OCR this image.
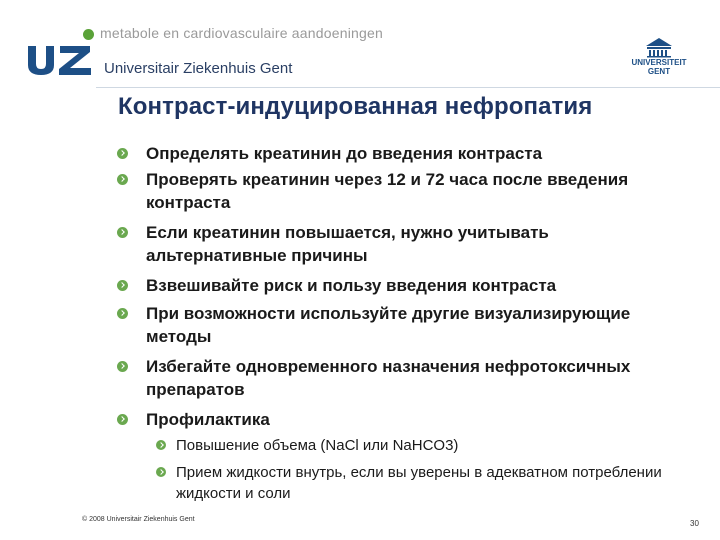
metabole en cardiovasculaire aandoeningen
Universitair Ziekenhuis Gent	UNIVERSITEIT
GENT
Контраст-индуцированная нефропатия
Определять креатинин до введения контраста
Проверять креатинин через 12 и 72 часа после введения контраста
Если креатинин повышается, нужно учитывать альтернативные причины
Взвешивайте риск и пользу введения контраста
При возможности используйте другие визуализирующие методы
Избегайте одновременного назначения нефротоксичных препаратов
Профилактика
Повышение объема (NaCl или NaHCO3)
Прием жидкости внутрь, если вы уверены в адекватном потреблении жидкости и соли
© 2008 Universitair Ziekenhuis Gent	30
